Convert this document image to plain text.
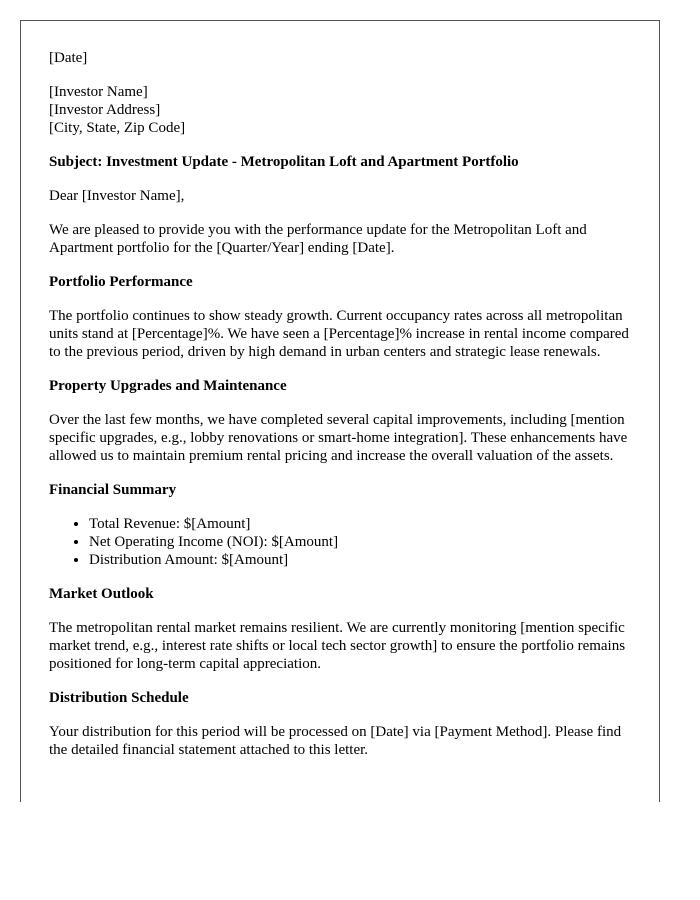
[Date]

[Investor Name]
[Investor Address]
[City, State, Zip Code]

Subject: Investment Update - Metropolitan Loft and Apartment Portfolio

Dear [Investor Name],

We are pleased to provide you with the performance update for the Metropolitan Loft and Apartment portfolio for the [Quarter/Year] ending [Date].

Portfolio Performance

The portfolio continues to show steady growth. Current occupancy rates across all metropolitan units stand at [Percentage]%. We have seen a [Percentage]% increase in rental income compared to the previous period, driven by high demand in urban centers and strategic lease renewals.

Property Upgrades and Maintenance

Over the last few months, we have completed several capital improvements, including [mention specific upgrades, e.g., lobby renovations or smart-home integration]. These enhancements have allowed us to maintain premium rental pricing and increase the overall valuation of the assets.

Financial Summary

• Total Revenue: $[Amount]
• Net Operating Income (NOI): $[Amount]
• Distribution Amount: $[Amount]

Market Outlook

The metropolitan rental market remains resilient. We are currently monitoring [mention specific market trend, e.g., interest rate shifts or local tech sector growth] to ensure the portfolio remains positioned for long-term capital appreciation.

Distribution Schedule

Your distribution for this period will be processed on [Date] via [Payment Method]. Please find the detailed financial statement attached to this letter.
